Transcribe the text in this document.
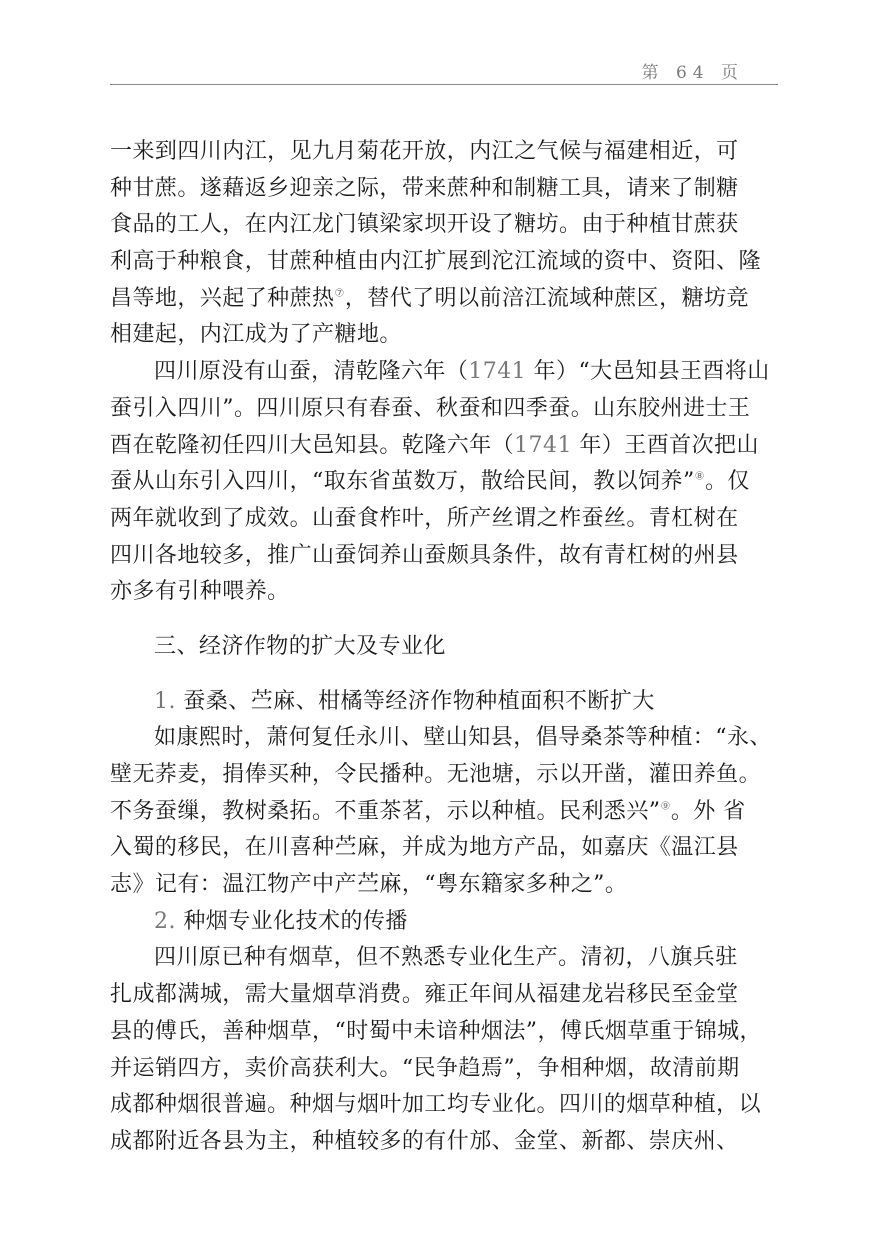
第 64 页
一来到四川内江，见九月菊花开放，内江之气候与福建相近，可
种甘蔗。遂藉返乡迎亲之际，带来蔗种和制糖工具，请来了制糖
食品的工人，在内江龙门镇梁家坝开设了糖坊。由于种植甘蔗获
利高于种粮食，甘蔗种植由内江扩展到沱江流域的资中、资阳、隆
昌等地，兴起了种蔗热⑦，替代了明以前涪江流域种蔗区，糖坊竞
相建起，内江成为了产糖地。
四川原没有山蚕，清乾隆六年（1741 年）“大邑知县王酉将山
蚕引入四川”。四川原只有春蚕、秋蚕和四季蚕。山东胶州进士王
酉在乾隆初任四川大邑知县。乾隆六年（1741 年）王酉首次把山
蚕从山东引入四川，“取东省茧数万，散给民间，教以饲养”⑧。仅
两年就收到了成效。山蚕食柞叶，所产丝谓之柞蚕丝。青杠树在
四川各地较多，推广山蚕饲养山蚕颇具条件，故有青杠树的州县
亦多有引种喂养。
三、经济作物的扩大及专业化
1. 蚕桑、苎麻、柑橘等经济作物种植面积不断扩大
如康熙时，萧何复任永川、壁山知县，倡导桑茶等种植：“永、
壁无荞麦，捐俸买种，令民播种。无池塘，示以开凿，灌田养鱼。
不务蚕缫，教树桑拓。不重茶茗，示以种植。民利悉兴”⑨。外 省
入蜀的移民，在川喜种苎麻，并成为地方产品，如嘉庆《温江县
志》记有：温江物产中产苎麻，“粤东籍家多种之”。
2. 种烟专业化技术的传播
四川原已种有烟草，但不熟悉专业化生产。清初，八旗兵驻
扎成都满城，需大量烟草消费。雍正年间从福建龙岩移民至金堂
县的傅氏，善种烟草，“时蜀中未谙种烟法”，傅氏烟草重于锦城，
并运销四方，卖价高获利大。“民争趋焉”，争相种烟，故清前期
成都种烟很普遍。种烟与烟叶加工均专业化。四川的烟草种植，以
成都附近各县为主，种植较多的有什邡、金堂、新都、崇庆州、
